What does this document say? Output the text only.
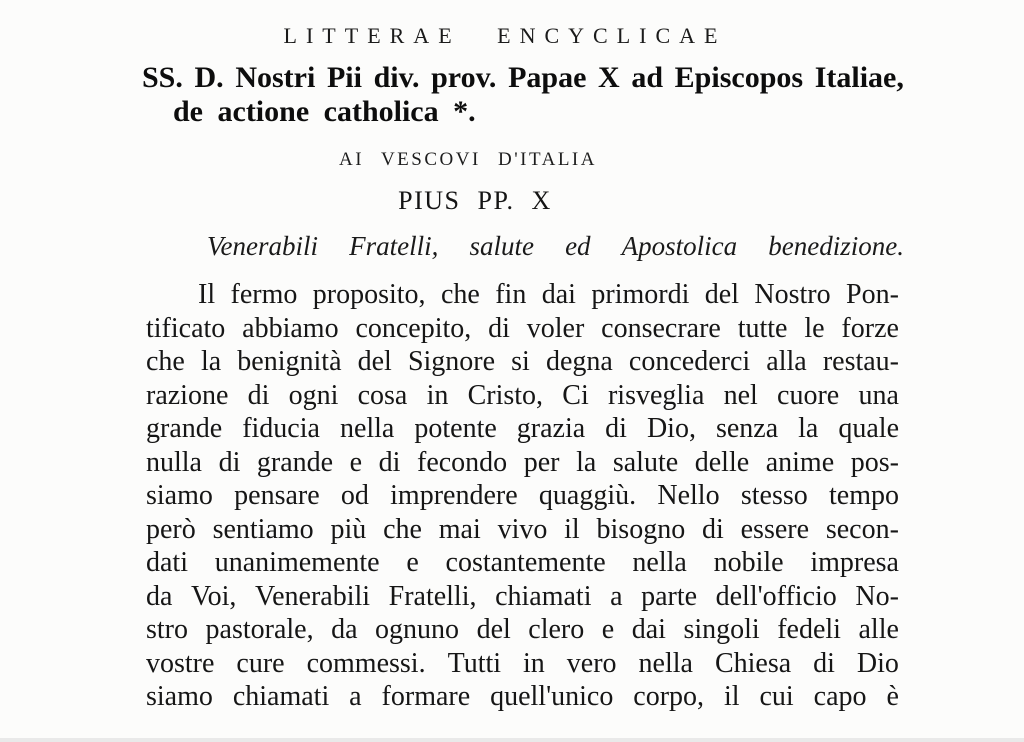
LITTERAE ENCYCLICAE
SS. D. Nostri Pii div. prov. Papae X ad Episcopos Italiae,
de actione catholica *.
AI VESCOVI D'ITALIA
PIUS PP. X
Venerabili Fratelli, salute ed Apostolica benedizione.
Il fermo proposito, che fin dai primordi del Nostro Pon-
tificato abbiamo concepito, di voler consecrare tutte le forze
che la benignità del Signore si degna concederci alla restau-
razione di ogni cosa in Cristo, Ci risveglia nel cuore una
grande fiducia nella potente grazia di Dio, senza la quale
nulla di grande e di fecondo per la salute delle anime pos-
siamo pensare od imprendere quaggiù. Nello stesso tempo
però sentiamo più che mai vivo il bisogno di essere secon-
dati unanimemente e costantemente nella nobile impresa
da Voi, Venerabili Fratelli, chiamati a parte dell'officio No-
stro pastorale, da ognuno del clero e dai singoli fedeli alle
vostre cure commessi. Tutti in vero nella Chiesa di Dio
siamo chiamati a formare quell'unico corpo, il cui capo è
